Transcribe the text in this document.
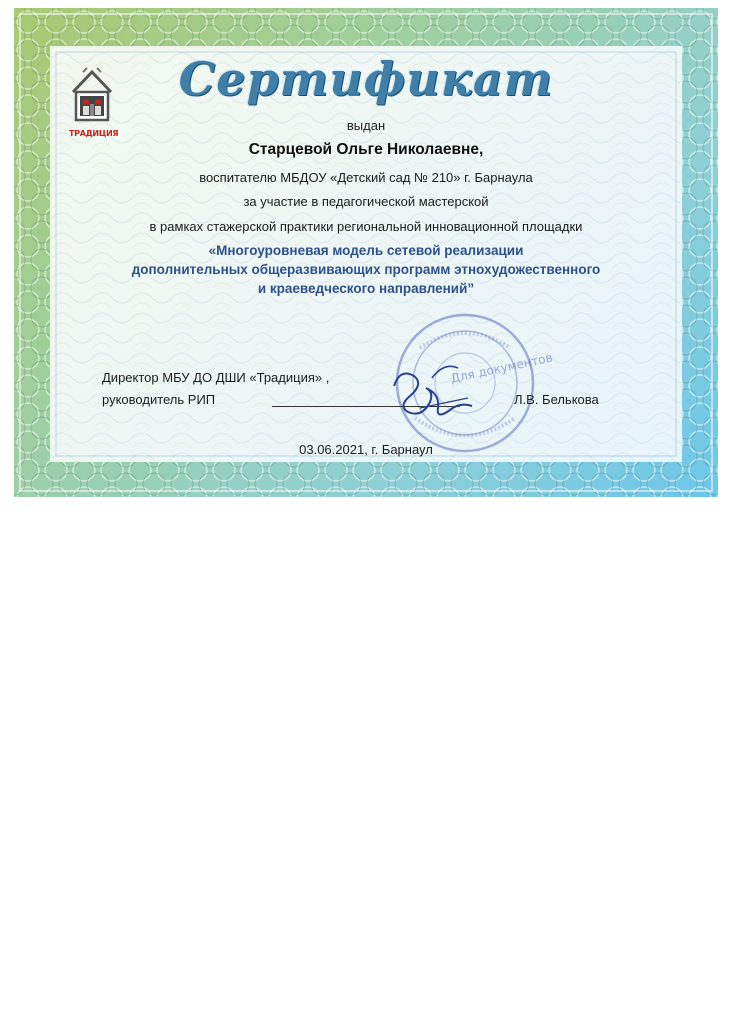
ТРАДИЦИЯ
Сертификат
выдан
Старцевой Ольге Николаевне,
воспитателю МБДОУ «Детский сад № 210» г. Барнаула
за участие в педагогической мастерской
в рамках стажерской практики региональной инновационной площадки
«Многоуровневая модель сетевой реализации
дополнительных общеразвивающих программ этнохудожественного
и краеведческого направлений”
Для документов
Директор МБУ ДО ДШИ «Традиция» ,
руководитель РИП	Л.В. Белькова
03.06.2021, г. Барнаул
